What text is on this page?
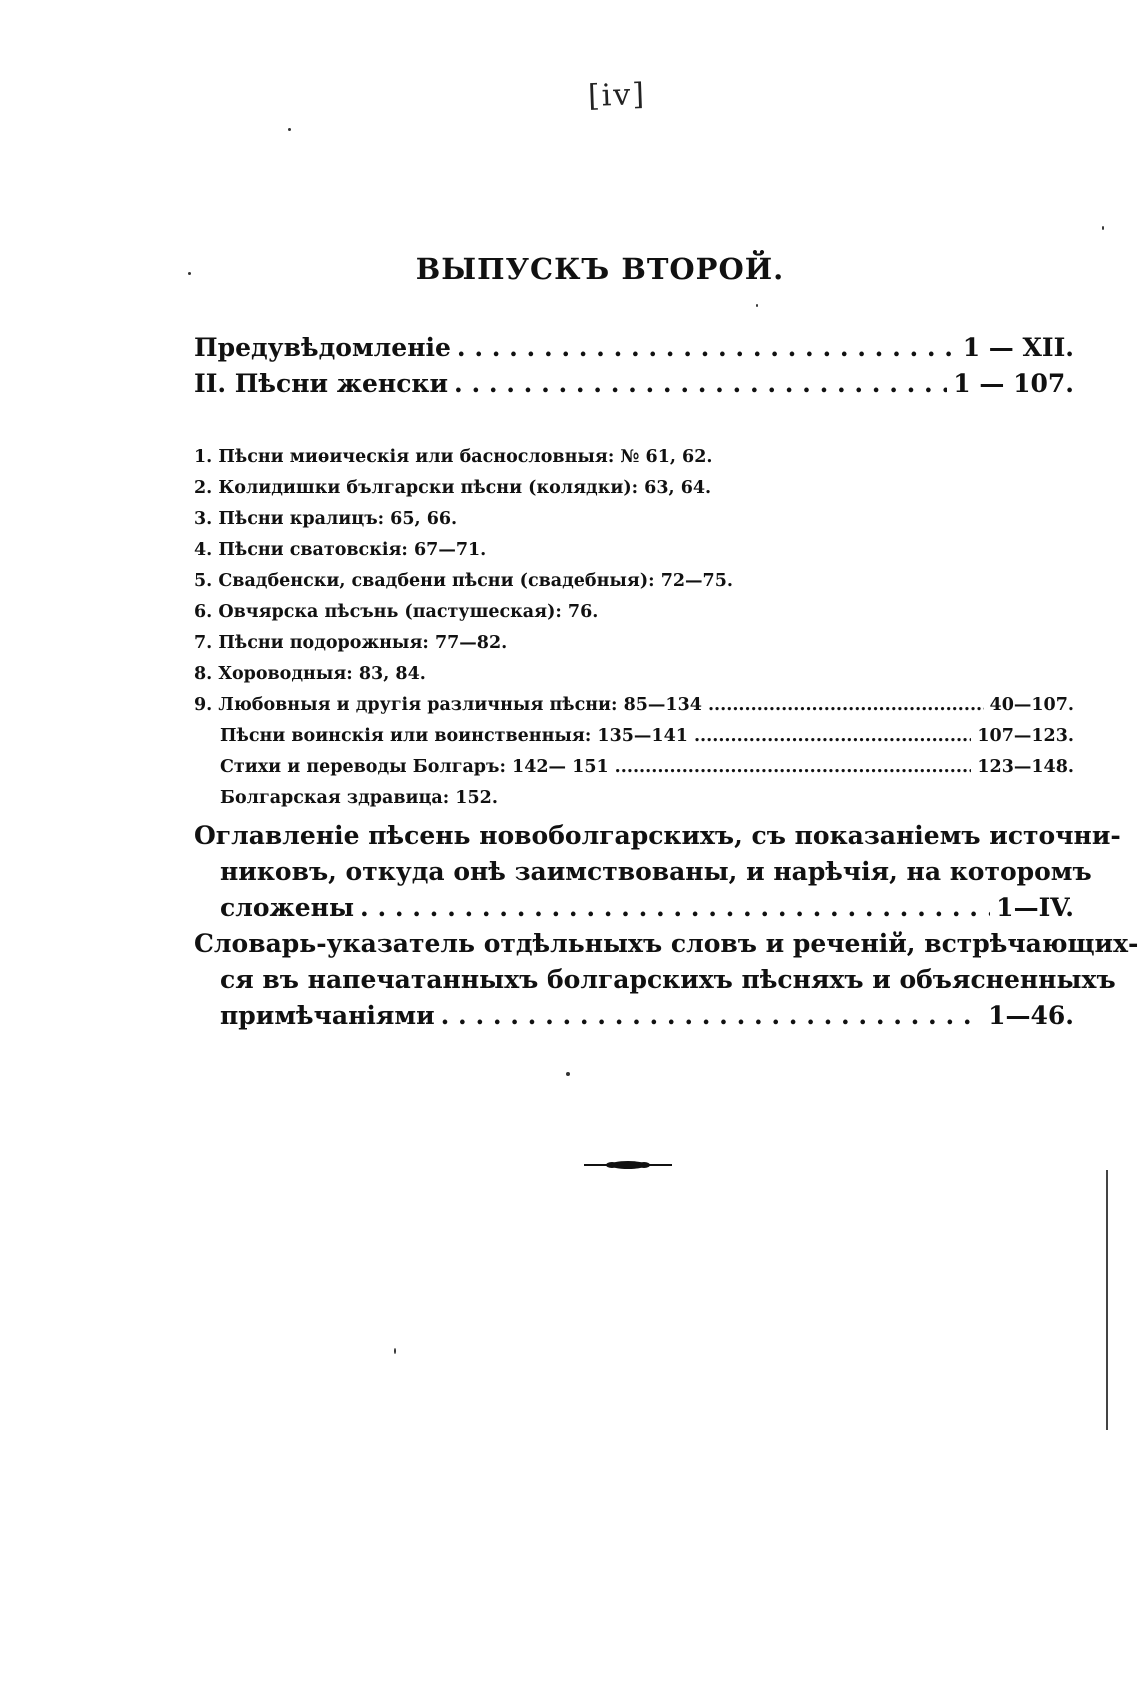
[iv]
ВЫПУСКЪ ВТОРОЙ.
Предувѣдомленіе . . .	1 — XII.
II. Пѣсни женски . . .	1 — 107.
1. Пѣсни миѳическія или баснословныя: № 61, 62.
2. Колидишки български пѣсни (колядки): 63, 64.
3. Пѣсни кралицъ: 65, 66.
4. Пѣсни сватовскія: 67—71.
5. Свадбенски, свадбени пѣсни (свадебныя): 72—75.
6. Овчярска пѣсънь (пастушеская): 76.
7. Пѣсни подорожныя: 77—82.
8. Хороводныя: 83, 84.
9. Любовныя и другія различныя пѣсни: 85—134 .....	40—107.
Пѣсни воинскія или воинственныя: 135—141 .....	107—123.
Стихи и переводы Болгаръ: 142— 151 .....	123—148.
Болгарская здравица: 152.
Оглавленіе пѣсень новоболгарскихъ, съ показаніемъ источни-
никовъ, откуда онѣ заимствованы, и нарѣчія, на которомъ
сложены . . .	1—IV.
Словарь-указатель отдѣльныхъ словъ и реченій, встрѣчающих-
ся въ напечатанныхъ болгарскихъ пѣсняхъ и объясненныхъ
примѣчаніями . . .	1—46.
